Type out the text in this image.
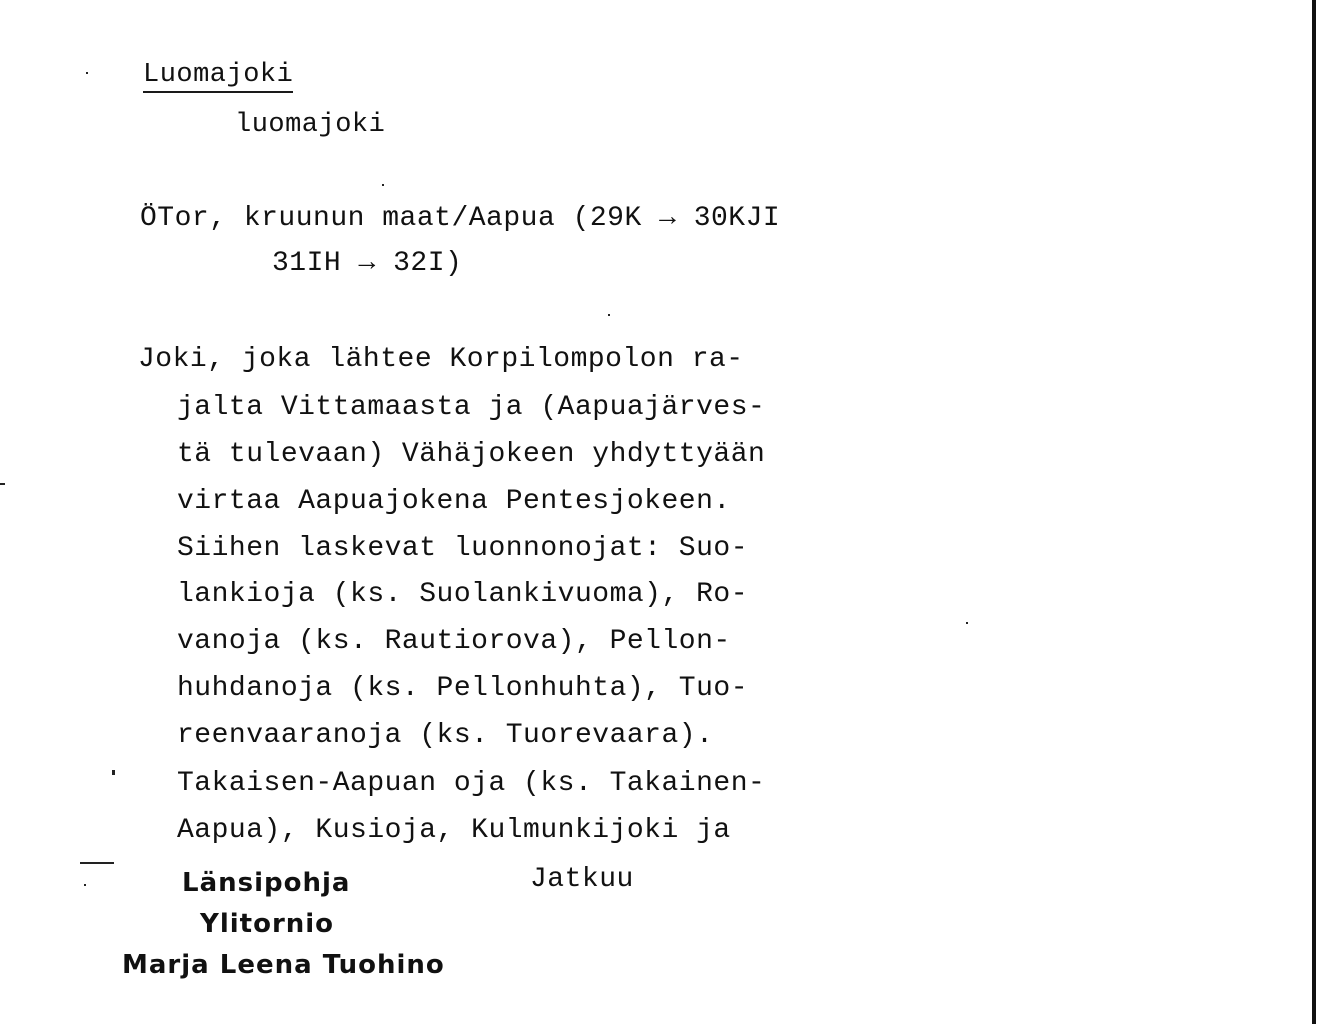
Luomajoki
luomajoki
ÖTor, kruunun maat/Aapua (29K → 30KJI
31IH → 32I)
Joki, joka lähtee Korpilompolon ra-
jalta Vittamaasta ja (Aapuajärves-
tä tulevaan) Vähäjokeen yhdyttyään
virtaa Aapuajokena Pentesjokeen.
Siihen laskevat luonnonojat: Suo-
lankioja (ks. Suolankivuoma), Ro-
vanoja (ks. Rautiorova), Pellon-
huhdanoja (ks. Pellonhuhta), Tuo-
reenvaaranoja (ks. Tuorevaara).
Takaisen-Aapuan oja (ks. Takainen-
Aapua), Kusioja, Kulmunkijoki ja
Jatkuu
Länsipohja
Ylitornio
Marja Leena Tuohino
